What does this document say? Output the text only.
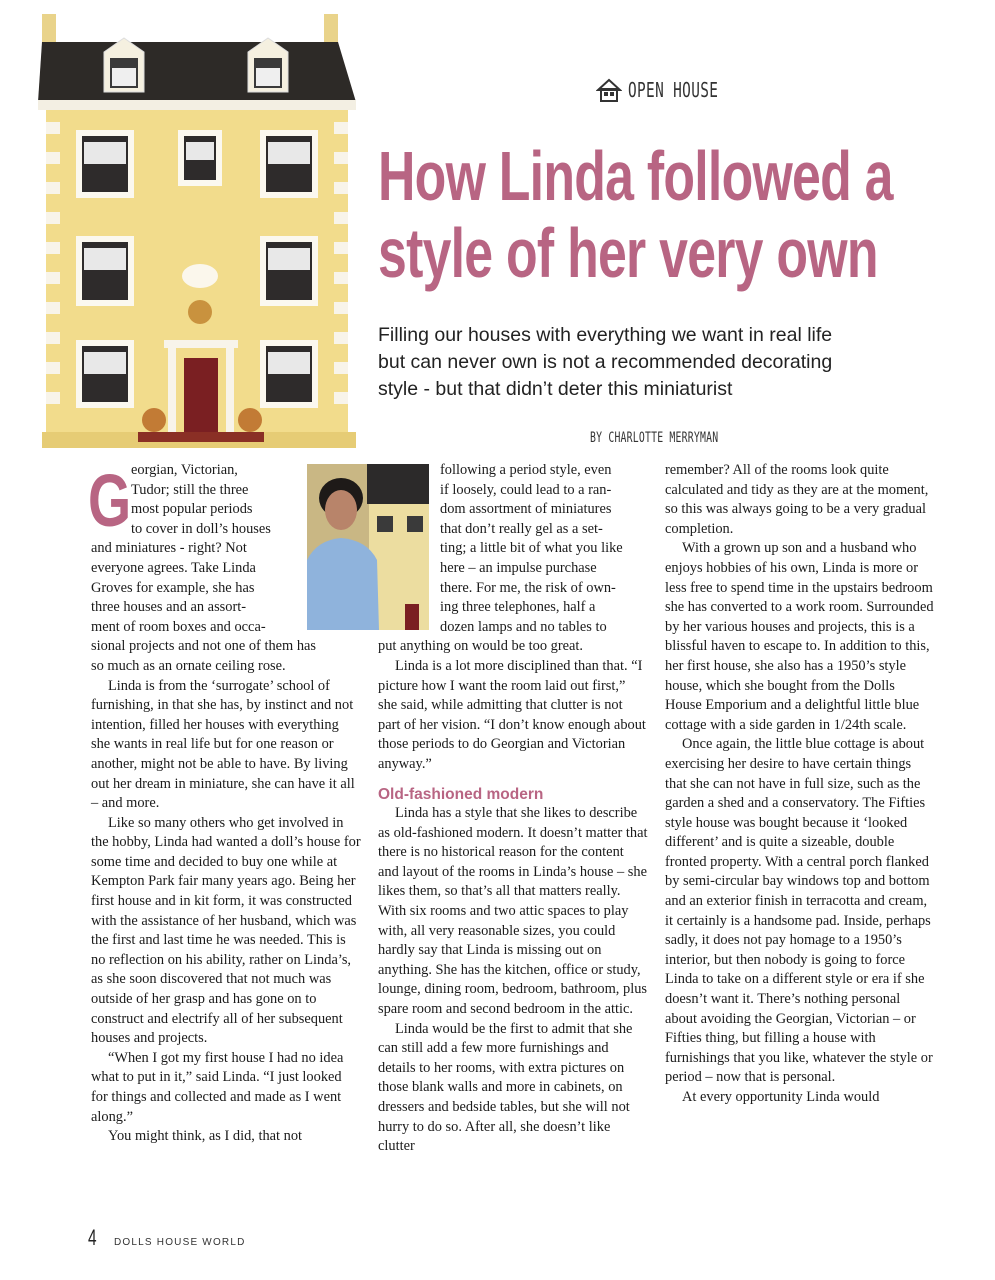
OPEN HOUSE
How Linda followed a
style of her very own
Filling our houses with everything we want in real life
but can never own is not a recommended decorating
style - but that didn’t deter this miniaturist
BY CHARLOTTE MERRYMAN
G eorgian, Victorian,
Tudor; still the three
most popular periods
to cover in doll’s houses
and miniatures - right? Not
everyone agrees. Take Linda
Groves for example, she has
three houses and an assort-
ment of room boxes and occa-
sional projects and not one of them has
so much as an ornate ceiling rose.

Linda is from the ‘surrogate’ school of furnishing, in that she has, by instinct and not intention, filled her houses with everything she wants in real life but for one reason or another, might not be able to have. By living out her dream in miniature, she can have it all – and more.

Like so many others who get involved in the hobby, Linda had wanted a doll’s house for some time and decided to buy one while at Kempton Park fair many years ago. Being her first house and in kit form, it was constructed with the assistance of her husband, which was the first and last time he was needed. This is no reflection on his ability, rather on Linda’s, as she soon discovered that not much was outside of her grasp and has gone on to construct and electrify all of her subsequent houses and projects.

“When I got my first house I had no idea what to put in it,” said Linda. “I just looked for things and collected and made as I went along.”

You might think, as I did, that not

following a period style, even
if loosely, could lead to a ran-
dom assortment of miniatures
that don’t really gel as a set-
ting; a little bit of what you like
here – an impulse purchase
there. For me, the risk of own-
ing three telephones, half a
dozen lamps and no tables to
put anything on would be too great.

Linda is a lot more disciplined than that. “I picture how I want the room laid out first,” she said, while admitting that clutter is not part of her vision. “I don’t know enough about those periods to do Georgian and Victorian anyway.”

Old-fashioned modern

Linda has a style that she likes to describe as old-fashioned modern. It doesn’t matter that there is no historical reason for the content and layout of the rooms in Linda’s house – she likes them, so that’s all that matters really. With six rooms and two attic spaces to play with, all very reasonable sizes, you could hardly say that Linda is missing out on anything. She has the kitchen, office or study, lounge, dining room, bedroom, bathroom, plus spare room and second bedroom in the attic.

Linda would be the first to admit that she can still add a few more furnishings and details to her rooms, with extra pictures on those blank walls and more in cabinets, on dressers and bedside tables, but she will not hurry to do so. After all, she doesn’t like clutter

remember? All of the rooms look quite calculated and tidy as they are at the moment, so this was always going to be a very gradual completion.

With a grown up son and a husband who enjoys hobbies of his own, Linda is more or less free to spend time in the upstairs bedroom she has converted to a work room. Surrounded by her various houses and projects, this is a blissful haven to escape to. In addition to this, her first house, she also has a 1950’s style house, which she bought from the Dolls House Emporium and a delightful little blue cottage with a side garden in 1/24th scale.

Once again, the little blue cottage is about exercising her desire to have certain things that she can not have in full size, such as the garden a shed and a conservatory. The Fifties style house was bought because it ‘looked different’ and is quite a sizeable, double fronted property. With a central porch flanked by semi-circular bay windows top and bottom and an exterior finish in terracotta and cream, it certainly is a handsome pad. Inside, perhaps sadly, it does not pay homage to a 1950’s interior, but then nobody is going to force Linda to take on a different style or era if she doesn’t want it. There’s nothing personal about avoiding the Georgian, Victorian – or Fifties thing, but filling a house with furnishings that you like, whatever the style or period – now that is personal.

At every opportunity Linda would

4 DOLLS HOUSE WORLD
